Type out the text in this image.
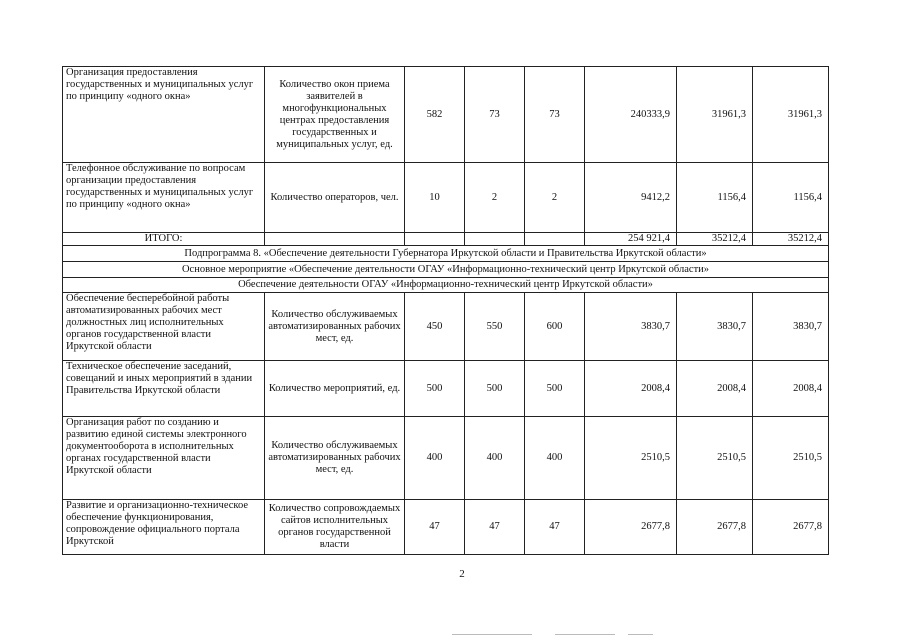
Организация предоставления государственных и муниципальных услуг по принципу «одного окна»	Количество окон приема заявителей в многофункциональных центрах предоставления государственных и муниципальных услуг, ед.	582	73	73	240333,9	31961,3	31961,3
Телефонное обслуживание по вопросам организации предоставления государственных и муниципальных услуг по принципу «одного окна»	Количество операторов, чел.	10	2	2	9412,2	1156,4	1156,4
ИТОГО:					254 921,4	35212,4	35212,4
Подпрограмма 8. «Обеспечение деятельности Губернатора Иркутской области и Правительства Иркутской области»							
Основное мероприятие «Обеспечение деятельности ОГАУ «Информационно-технический центр Иркутской области»							
Обеспечение деятельности ОГАУ «Информационно-технический центр Иркутской области»							
Обеспечение бесперебойной работы автоматизированных рабочих мест должностных лиц исполнительных органов государственной власти Иркутской области	Количество обслуживаемых автоматизированных рабочих мест, ед.	450	550	600	3830,7	3830,7	3830,7
Техническое обеспечение заседаний, совещаний и иных мероприятий в здании Правительства Иркутской области	Количество мероприятий, ед.	500	500	500	2008,4	2008,4	2008,4
Организация работ по созданию и развитию единой системы электронного документооборота в исполнительных органах государственной власти Иркутской области	Количество обслуживаемых автоматизированных рабочих мест, ед.	400	400	400	2510,5	2510,5	2510,5
Развитие и организационно-техническое обеспечение функционирования, сопровождение официального портала Иркутской	Количество сопровождаемых сайтов исполнительных органов государственной власти	47	47	47	2677,8	2677,8	2677,8
2
